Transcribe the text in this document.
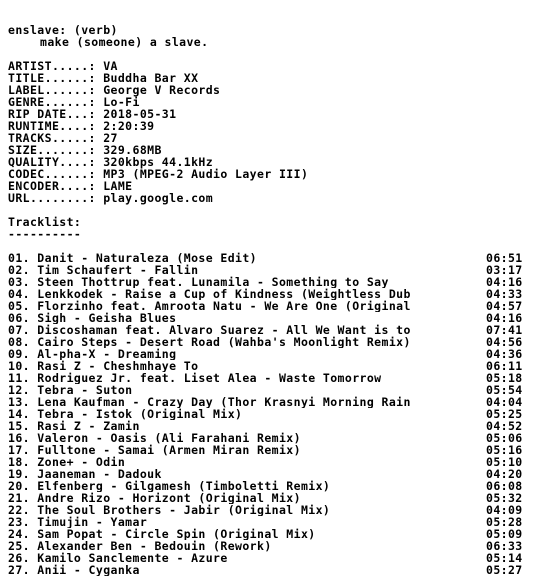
enslave: (verb)
make (someone) a slave.
ARTIST.....: VA
TITLE......: Buddha Bar XX
LABEL......: George V Records
GENRE......: Lo-Fi
RIP DATE...: 2018-05-31
RUNTIME....: 2:20:39
TRACKS.....: 27
SIZE.......: 329.68MB
QUALITY....: 320kbps 44.1kHz
CODEC......: MP3 (MPEG-2 Audio Layer III)
ENCODER....: LAME
URL........: play.google.com
Tracklist:
----------
01. Danit - Naturaleza (Mose Edit)	06:51
02. Tim Schaufert - Fallin	03:17
03. Steen Thottrup feat. Lunamila - Something to Say	04:16
04. Lenkkodek - Raise a Cup of Kindness (Weightless Dub	04:33
05. Florzinho feat. Amroota Natu - We Are One (Original	04:57
06. Sigh - Geisha Blues	04:16
07. Discoshaman feat. Alvaro Suarez - All We Want is to	07:41
08. Cairo Steps - Desert Road (Wahba's Moonlight Remix)	04:56
09. Al-pha-X - Dreaming	04:36
10. Rasi Z - Cheshmhaye To	06:11
11. Rodriguez Jr. feat. Liset Alea - Waste Tomorrow	05:18
12. Tebra - Suton	05:54
13. Lena Kaufman - Crazy Day (Thor Krasnyi Morning Rain	04:04
14. Tebra - Istok (Original Mix)	05:25
15. Rasi Z - Zamin	04:52
16. Valeron - Oasis (Ali Farahani Remix)	05:06
17. Fulltone - Samai (Armen Miran Remix)	05:16
18. Zone+ - Odin	05:10
19. Jaaneman - Dadouk	04:20
20. Elfenberg - Gilgamesh (Timboletti Remix)	06:08
21. Andre Rizo - Horizont (Original Mix)	05:32
22. The Soul Brothers - Jabir (Original Mix)	04:09
23. Timujin - Yamar	05:28
24. Sam Popat - Circle Spin (Original Mix)	05:09
25. Alexander Ben - Bedouin (Rework)	06:33
26. Kamilo Sanclemente - Azure	05:14
27. Anii - Cyganka	05:27
